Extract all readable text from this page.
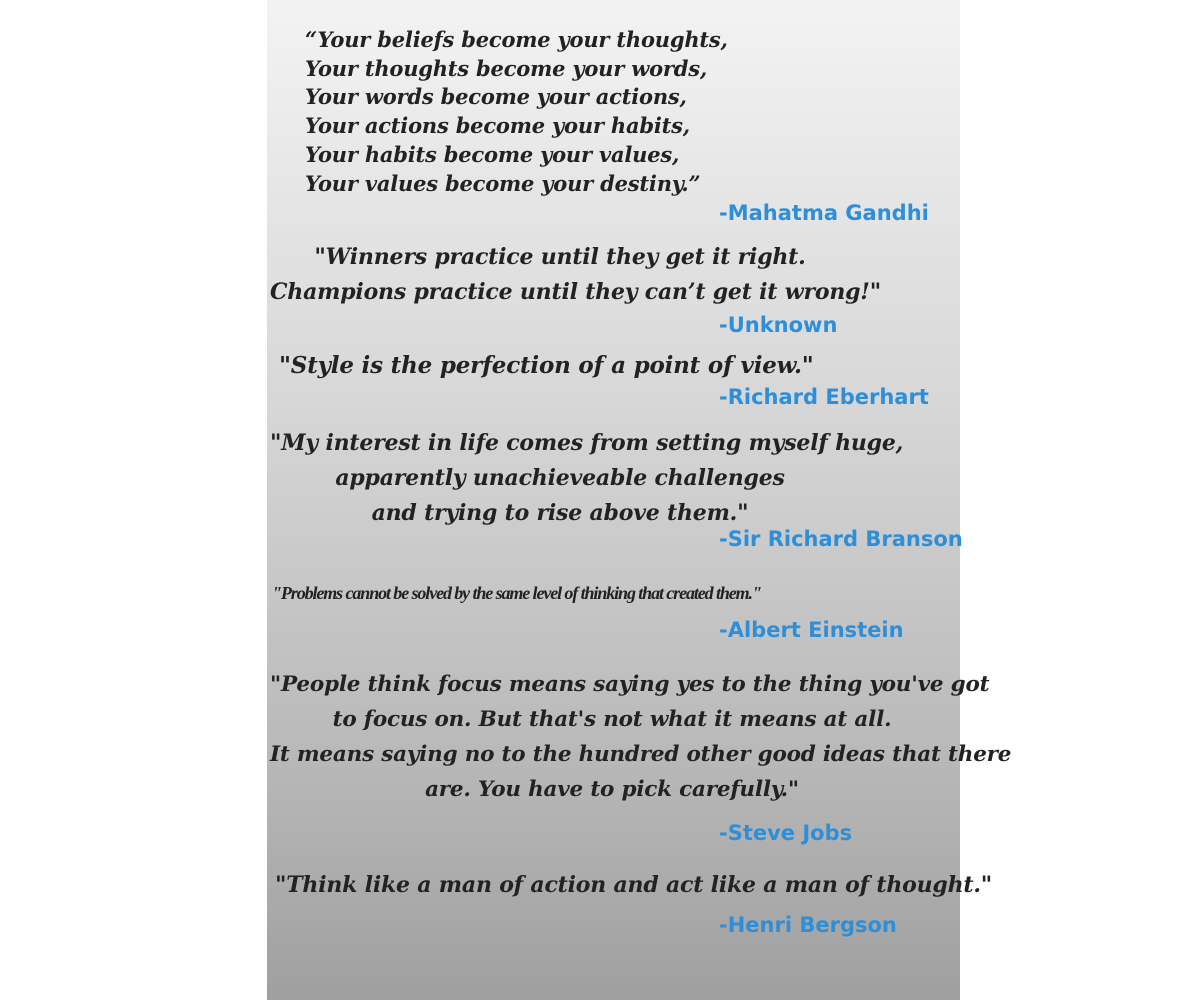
“Your beliefs become your thoughts,
Your thoughts become your words,
Your words become your actions,
Your actions become your habits,
Your habits become your values,
Your values become your destiny.”

-Mahatma Gandhi

"Winners practice until they get it right.
Champions practice until they can’t get it wrong!"

-Unknown

"Style is the perfection of a point of view."

-Richard Eberhart

"My interest in life comes from setting myself
apparently unachieveable challenges
and trying to rise above them."

-Sir Richard Branson

"Problems cannot be solved by the same level of thinking that created them."

-Albert Einstein

"People think focus means saying yes to the thing you've got
to focus on. But that's not what it means at all.
It means saying no to the hundred other good ideas that there
are. You have to pick carefully."

-Steve Jobs

"Think like a man of action and act like a man of thought."

-Henri Bergson
